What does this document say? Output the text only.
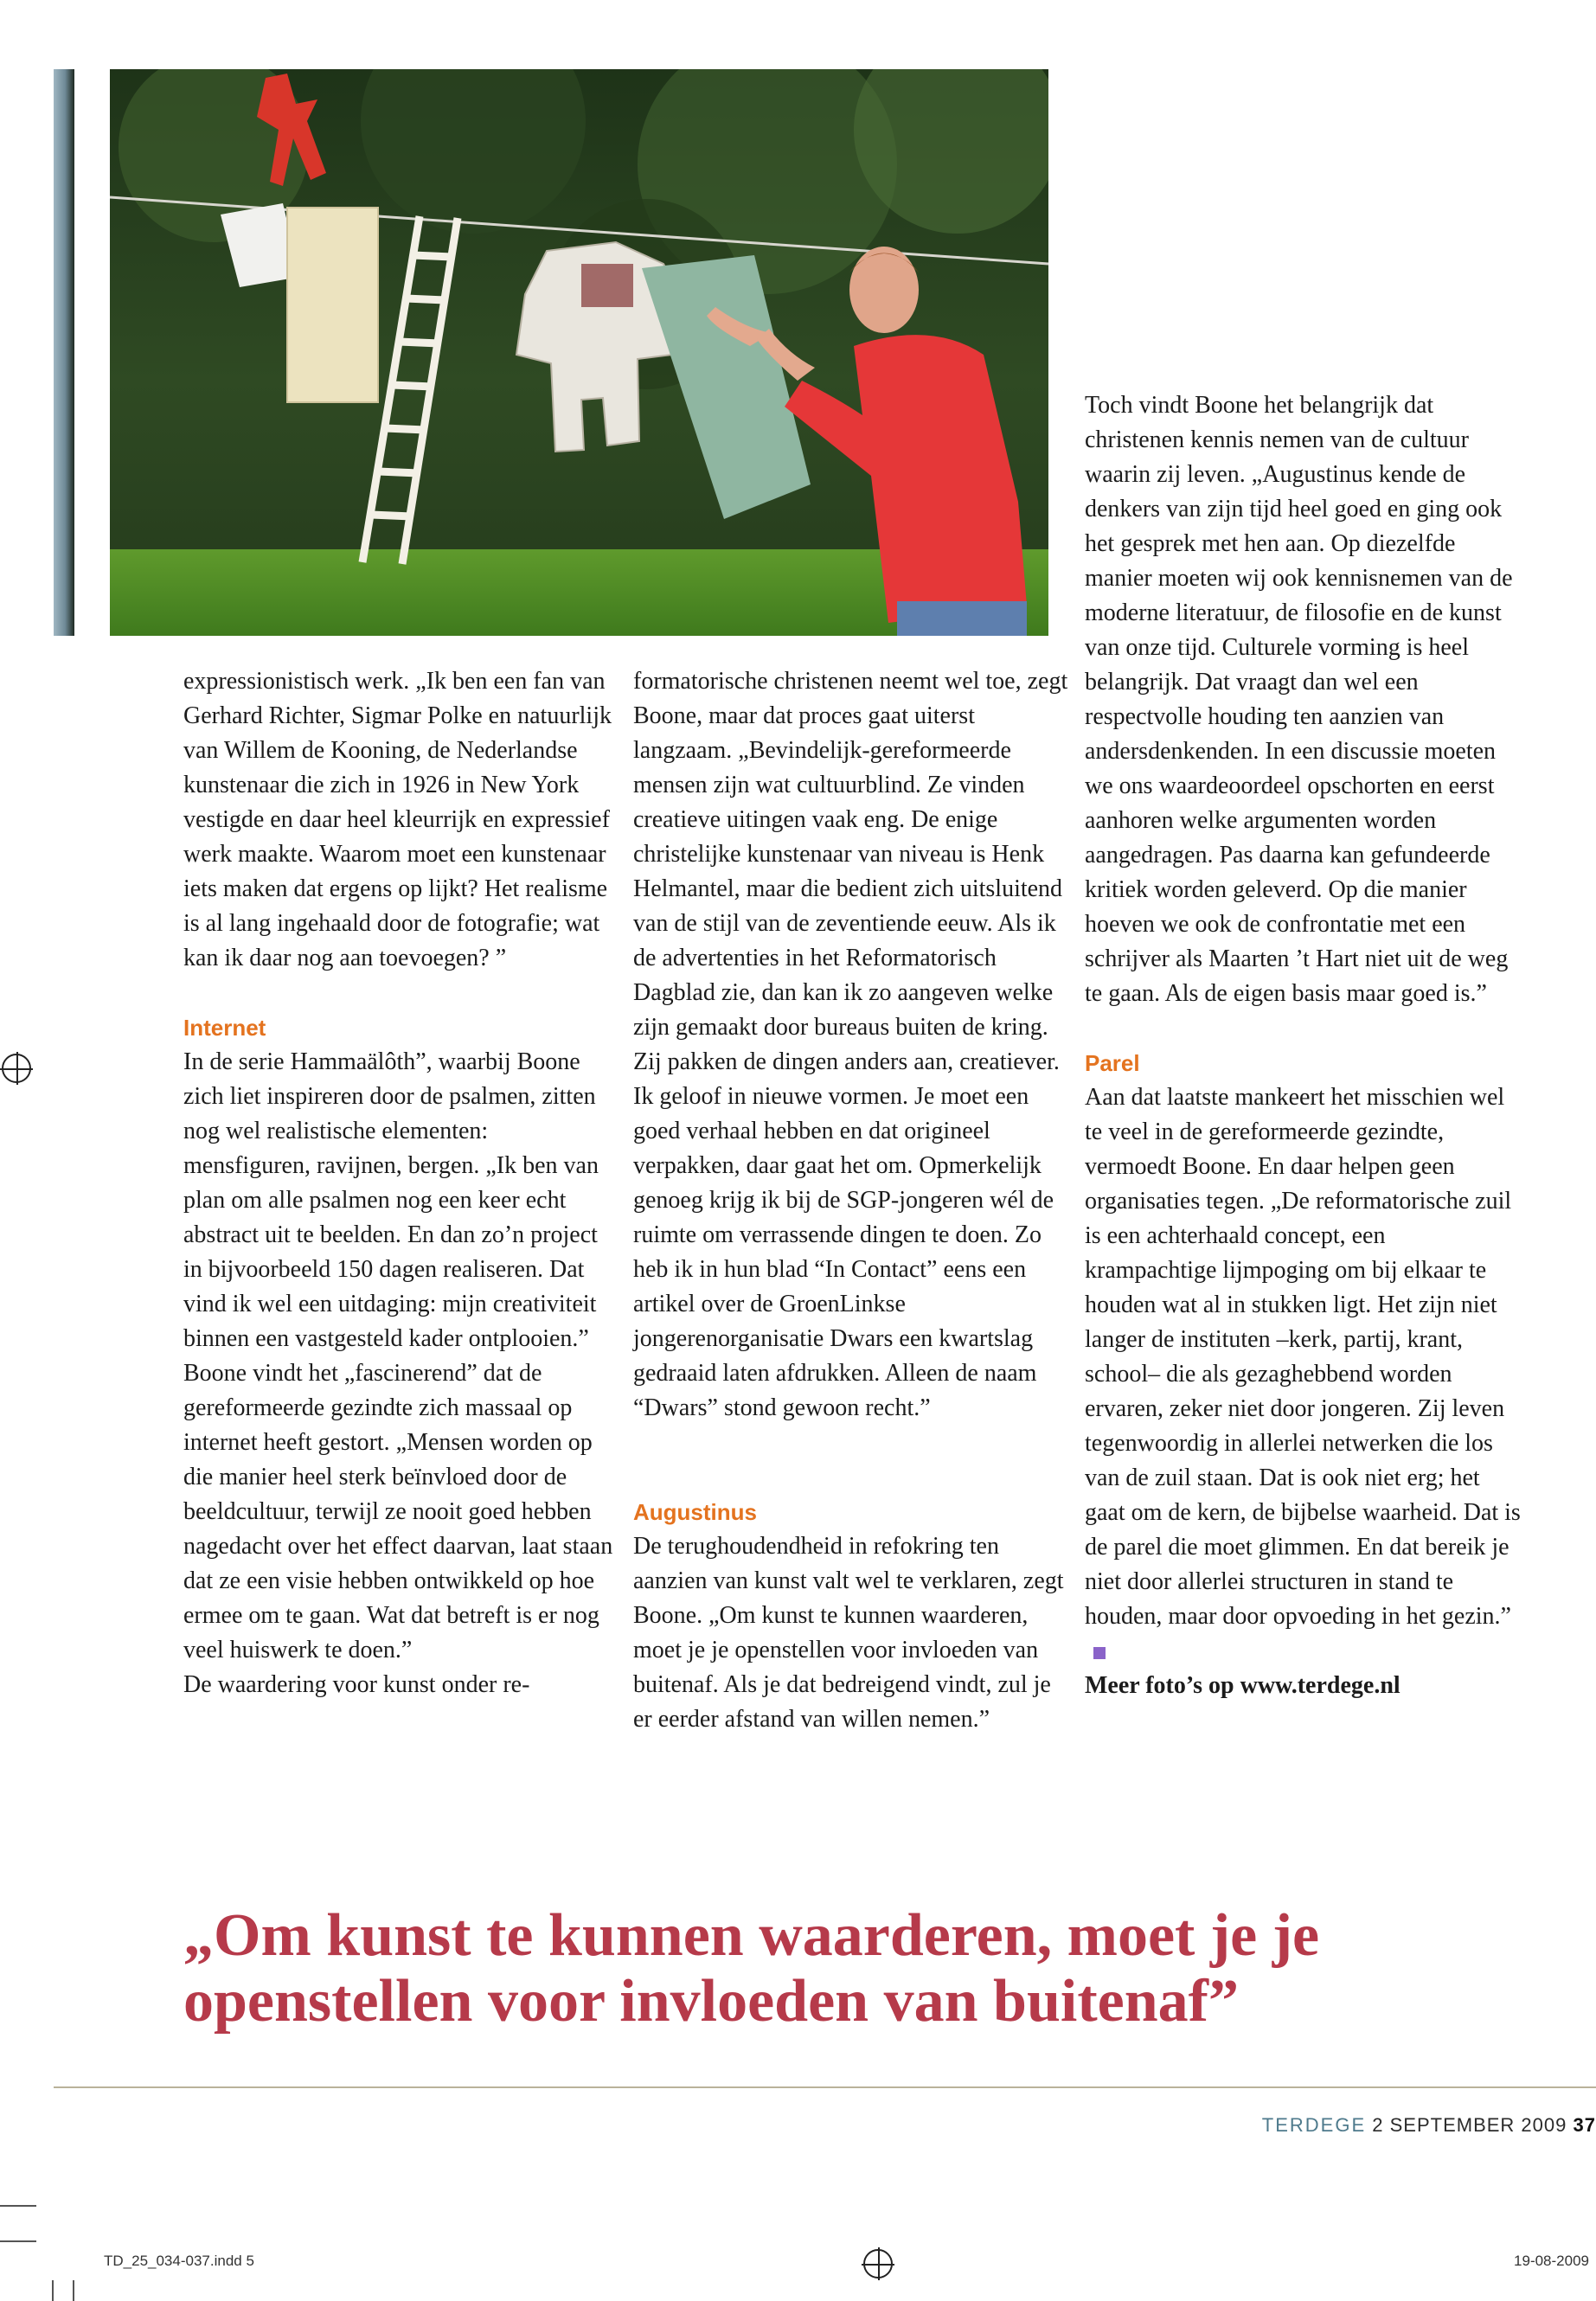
expressionistisch werk. „Ik ben een fan van Gerhard Richter, Sigmar Polke en natuurlijk van Willem de Kooning, de Nederlandse kunstenaar die zich in 1926 in New York vestigde en daar heel kleurrijk en expressief werk maakte. Waarom moet een kunstenaar iets maken dat ergens op lijkt? Het realisme is al lang ingehaald door de fotografie; wat kan ik daar nog aan toevoegen? ”

Internet

In de serie Hammaälôth”, waarbij Boone zich liet inspireren door de psalmen, zitten nog wel realistische elementen: mensfiguren, ravijnen, bergen. „Ik ben van plan om alle psalmen nog een keer echt abstract uit te beelden. En dan zo’n project in bijvoorbeeld 150 dagen realiseren. Dat vind ik wel een uitdaging: mijn creativiteit binnen een vastgesteld kader ontplooien.”

Boone vindt het „fascinerend” dat de gereformeerde gezindte zich massaal op internet heeft gestort. „Mensen worden op die manier heel sterk beïnvloed door de beeldcultuur, terwijl ze nooit goed hebben nagedacht over het effect daarvan, laat staan dat ze een visie hebben ontwikkeld op hoe ermee om te gaan. Wat dat betreft is er nog veel huiswerk te doen.”

De waardering voor kunst onder re-

formatorische christenen neemt wel toe, zegt Boone, maar dat proces gaat uiterst langzaam. „Bevindelijk-gereformeerde mensen zijn wat cultuurblind. Ze vinden creatieve uitingen vaak eng. De enige christelijke kunstenaar van niveau is Henk Helmantel, maar die bedient zich uitsluitend van de stijl van de zeventiende eeuw. Als ik de advertenties in het Reformatorisch Dagblad zie, dan kan ik zo aangeven welke zijn gemaakt door bureaus buiten de kring. Zij pakken de dingen anders aan, creatiever. Ik geloof in nieuwe vormen. Je moet een goed verhaal hebben en dat origineel verpakken, daar gaat het om. Opmerkelijk genoeg krijg ik bij de SGP-jongeren wél de ruimte om verrassende dingen te doen. Zo heb ik in hun blad “In Contact” eens een artikel over de GroenLinkse jongerenorganisatie Dwars een kwartslag gedraaid laten afdrukken. Alleen de naam “Dwars” stond gewoon recht.”

Augustinus

De terughoudendheid in refokring ten aanzien van kunst valt wel te verklaren, zegt Boone. „Om kunst te kunnen waarderen, moet je je openstellen voor invloeden van buitenaf. Als je dat bedreigend vindt, zul je er eerder afstand van willen nemen.”

Toch vindt Boone het belangrijk dat christenen kennis nemen van de cultuur waarin zij leven. „Augustinus kende de denkers van zijn tijd heel goed en ging ook het gesprek met hen aan. Op diezelfde manier moeten wij ook kennisnemen van de moderne literatuur, de filosofie en de kunst van onze tijd. Culturele vorming is heel belangrijk. Dat vraagt dan wel een respectvolle houding ten aanzien van andersdenkenden. In een discussie moeten we ons waardeoordeel opschorten en eerst aanhoren welke argumenten worden aangedragen. Pas daarna kan gefundeerde kritiek worden geleverd. Op die manier hoeven we ook de confrontatie met een schrijver als Maarten ’t Hart niet uit de weg te gaan. Als de eigen basis maar goed is.”

Parel

Aan dat laatste mankeert het misschien wel te veel in de gereformeerde gezindte, vermoedt Boone. En daar helpen geen organisaties tegen. „De reformatorische zuil is een achterhaald concept, een krampachtige lijmpoging om bij elkaar te houden wat al in stukken ligt. Het zijn niet langer de instituten –kerk, partij, krant, school– die als gezaghebbend worden ervaren, zeker niet door jongeren. Zij leven tegenwoordig in allerlei netwerken die los van de zuil staan. Dat is ook niet erg; het gaat om de kern, de bijbelse waarheid. Dat is de parel die moet glimmen. En dat bereik je niet door allerlei structuren in stand te houden, maar door opvoeding in het gezin.”

Meer foto’s op www.terdege.nl

„Om kunst te kunnen waarderen, moet je je openstellen voor invloeden van buitenaf”

TERDEGE 2 SEPTEMBER 2009 37
TD_25_034-037.indd 5	19-08-2009
